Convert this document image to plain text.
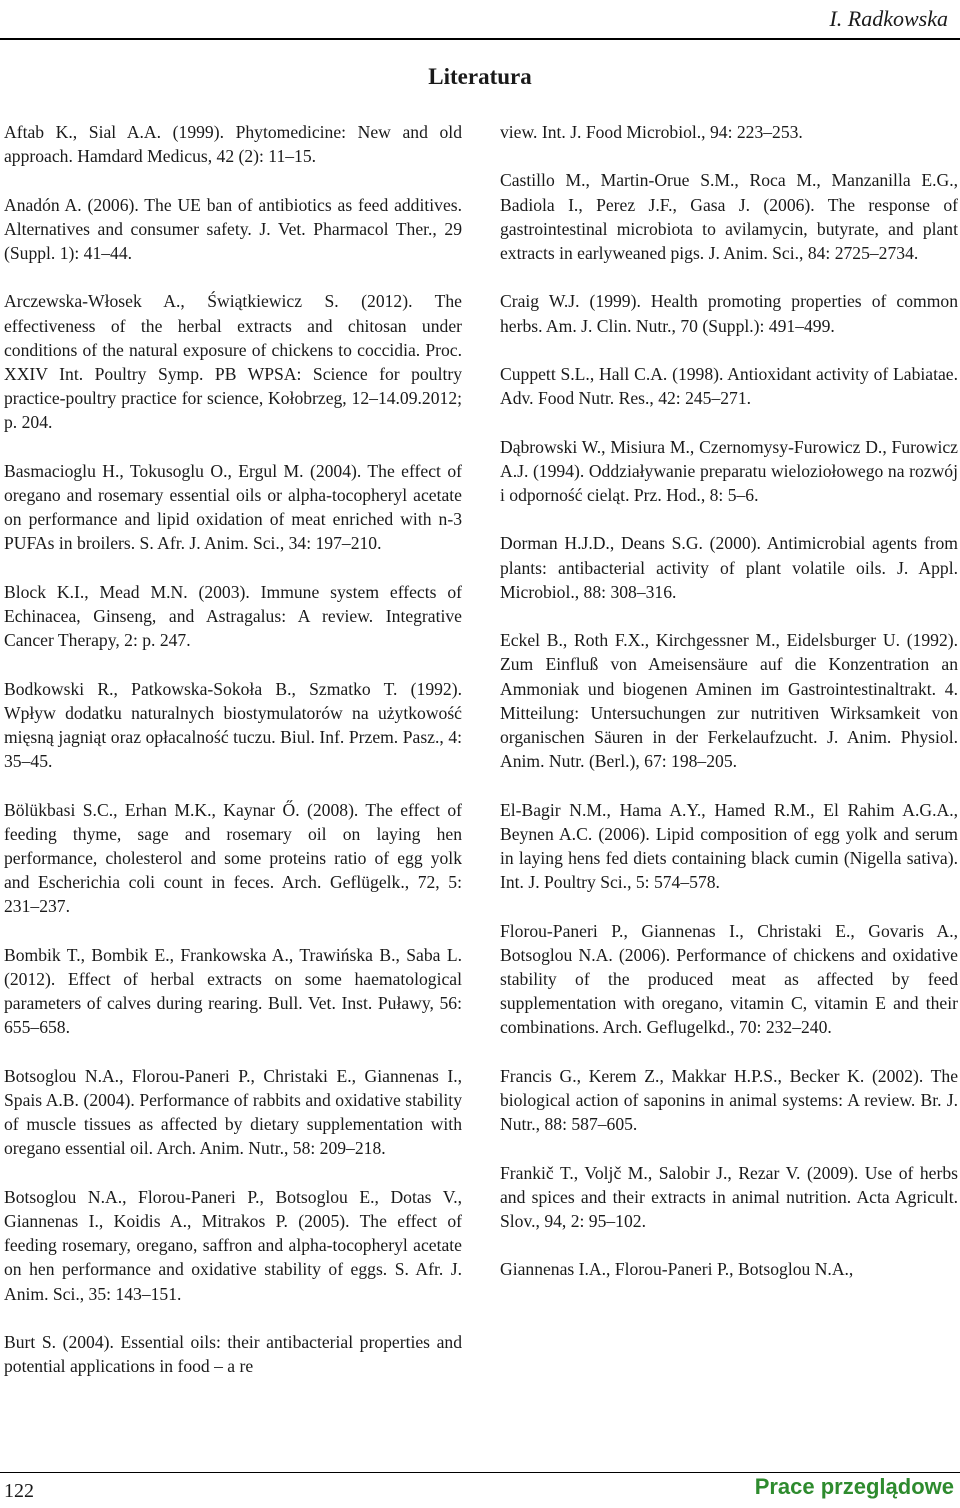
I. Radkowska
Literatura

Aftab K., Sial A.A. (1999). Phytomedicine: New and old approach. Hamdard Medicus, 42 (2): 11–15.

Anadón A. (2006). The UE ban of antibiotics as feed additives. Alternatives and consumer safety. J. Vet. Pharmacol Ther., 29 (Suppl. 1): 41–44.

Arczewska-Włosek A., Świątkiewicz S. (2012). The effectiveness of the herbal extracts and chitosan under conditions of the natural exposure of chickens to coccidia. Proc. XXIV Int. Poultry Symp. PB WPSA: Science for poultry practice-poultry practice for science, Kołobrzeg, 12–14.09.2012; p. 204.

Basmacioglu H., Tokusoglu O., Ergul M. (2004). The effect of oregano and rosemary essential oils or alpha-tocopheryl acetate on performance and lipid oxidation of meat enriched with n-3 PUFAs in broilers. S. Afr. J. Anim. Sci., 34: 197–210.

Block K.I., Mead M.N. (2003). Immune system effects of Echinacea, Ginseng, and Astragalus: A review. Integrative Cancer Therapy, 2: p. 247.

Bodkowski R., Patkowska-Sokoła B., Szmatko T. (1992). Wpływ dodatku naturalnych biostymulatorów na użytkowość mięsną jagniąt oraz opłacalność tuczu. Biul. Inf. Przem. Pasz., 4: 35–45.

Bölükbasi S.C., Erhan M.K., Kaynar Ő. (2008). The effect of feeding thyme, sage and rosemary oil on laying hen performance, cholesterol and some proteins ratio of egg yolk and Escherichia coli count in feces. Arch. Geflügelk., 72, 5: 231–237.

Bombik T., Bombik E., Frankowska A., Trawińska B., Saba L. (2012). Effect of herbal extracts on some haematological parameters of calves during rearing. Bull. Vet. Inst. Puławy, 56: 655–658.

Botsoglou N.A., Florou-Paneri P., Christaki E., Giannenas I., Spais A.B. (2004). Performance of rabbits and oxidative stability of muscle tissues as affected by dietary supplementation with oregano essential oil. Arch. Anim. Nutr., 58: 209–218.

Botsoglou N.A., Florou-Paneri P., Botsoglou E., Dotas V., Giannenas I., Koidis A., Mitrakos P. (2005). The effect of feeding rosemary, oregano, saffron and alpha-tocopheryl acetate on hen performance and oxidative stability of eggs. S. Afr. J. Anim. Sci., 35: 143–151.

Burt S. (2004). Essential oils: their antibacterial properties and potential applications in food – a re

view. Int. J. Food Microbiol., 94: 223–253.

Castillo M., Martin-Orue S.M., Roca M., Manzanilla E.G., Badiola I., Perez J.F., Gasa J. (2006). The response of gastrointestinal microbiota to avilamycin, butyrate, and plant extracts in earlyweaned pigs. J. Anim. Sci., 84: 2725–2734.

Craig W.J. (1999). Health promoting properties of common herbs. Am. J. Clin. Nutr., 70 (Suppl.): 491–499.

Cuppett S.L., Hall C.A. (1998). Antioxidant activity of Labiatae. Adv. Food Nutr. Res., 42: 245–271.

Dąbrowski W., Misiura M., Czernomysy-Furowicz D., Furowicz A.J. (1994). Oddziaływanie preparatu wieloziołowego na rozwój i odporność cieląt. Prz. Hod., 8: 5–6.

Dorman H.J.D., Deans S.G. (2000). Antimicrobial agents from plants: antibacterial activity of plant volatile oils. J. Appl. Microbiol., 88: 308–316.

Eckel B., Roth F.X., Kirchgessner M., Eidelsburger U. (1992). Zum Einfluß von Ameisensäure auf die Konzentration an Ammoniak und biogenen Aminen im Gastrointestinaltrakt. 4. Mitteilung: Untersuchungen zur nutritiven Wirksamkeit von organischen Säuren in der Ferkelaufzucht. J. Anim. Physiol. Anim. Nutr. (Berl.), 67: 198–205.

El-Bagir N.M., Hama A.Y., Hamed R.M., El Rahim A.G.A., Beynen A.C. (2006). Lipid composition of egg yolk and serum in laying hens fed diets containing black cumin (Nigella sativa). Int. J. Poultry Sci., 5: 574–578.

Florou-Paneri P., Giannenas I., Christaki E., Govaris A., Botsoglou N.A. (2006). Performance of chickens and oxidative stability of the produced meat as affected by feed supplementation with oregano, vitamin C, vitamin E and their combinations. Arch. Geflugelkd., 70: 232–240.

Francis G., Kerem Z., Makkar H.P.S., Becker K. (2002). The biological action of saponins in animal systems: A review. Br. J. Nutr., 88: 587–605.

Frankič T., Voljč M., Salobir J., Rezar V. (2009). Use of herbs and spices and their extracts in animal nutrition. Acta Agricult. Slov., 94, 2: 95–102.

Giannenas I.A., Florou-Paneri P., Botsoglou N.A.,

122	Prace przeglądowe
